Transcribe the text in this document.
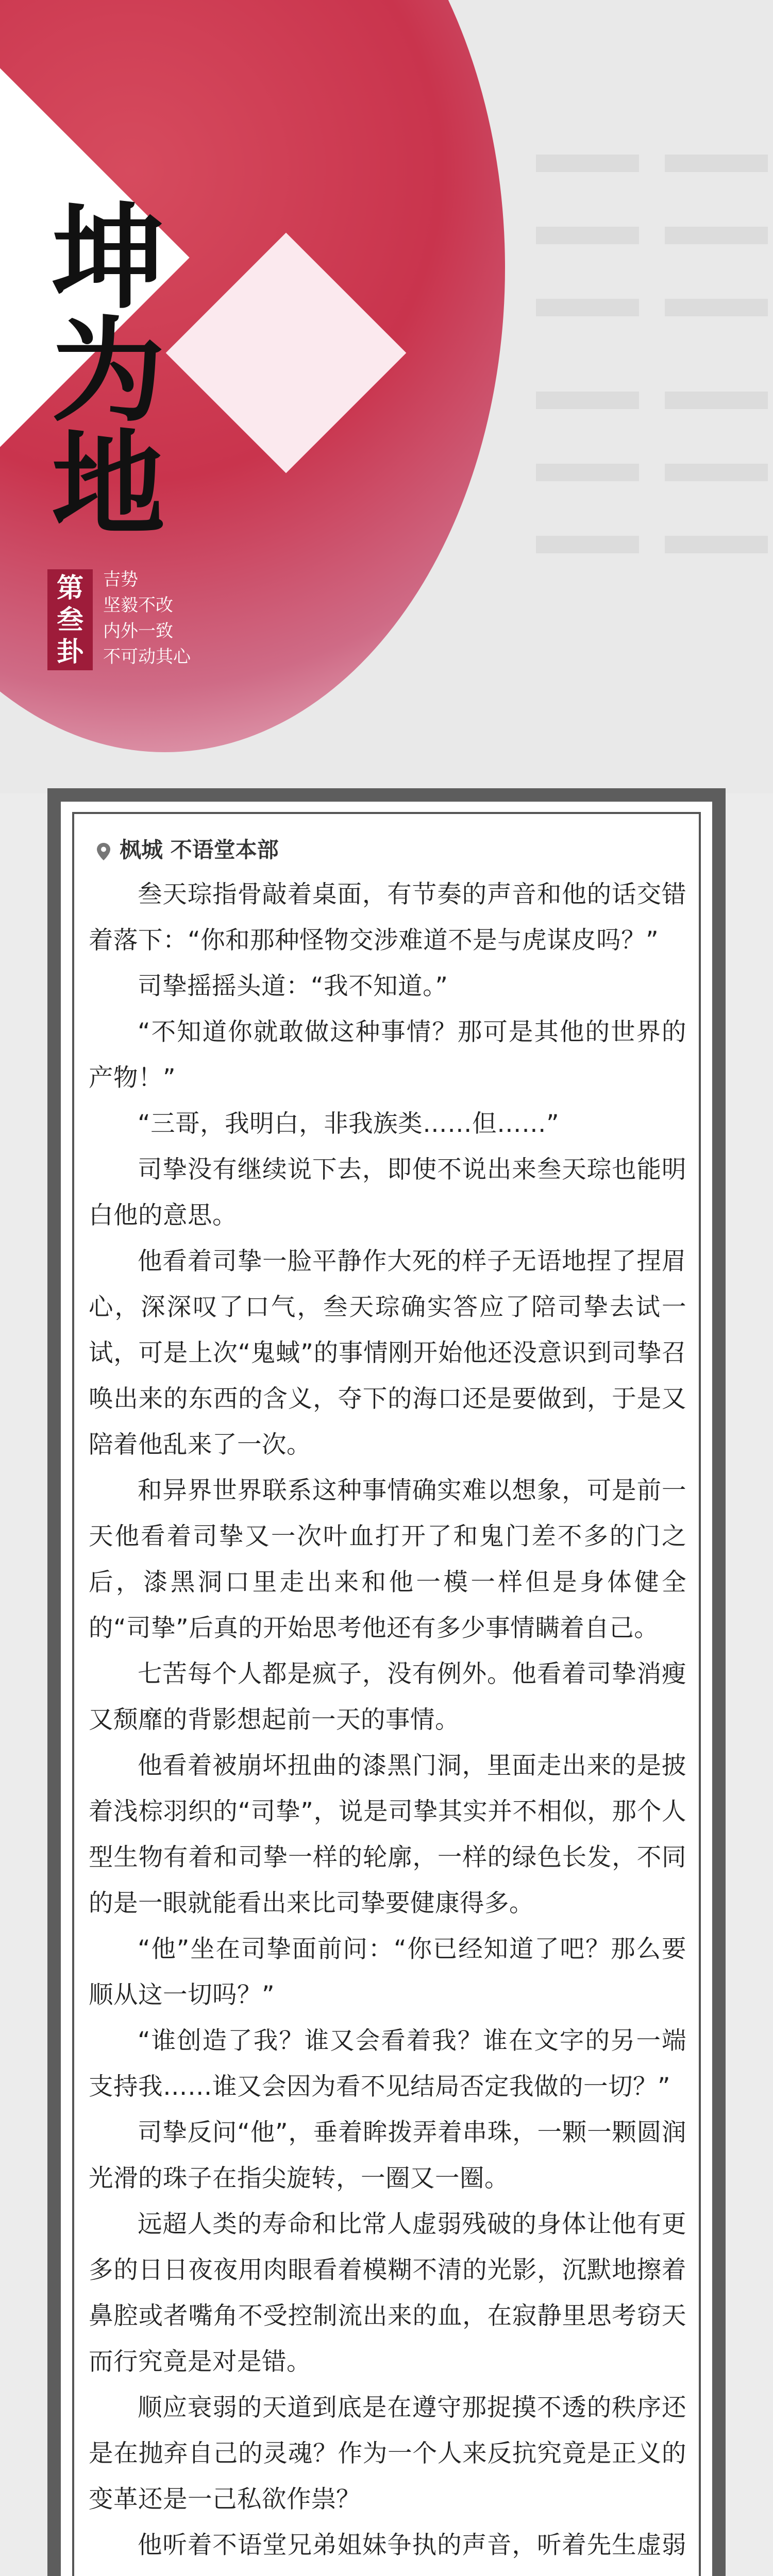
坤
为
地
第
叁
卦
吉势
坚毅不改
内外一致
不可动其心
枫城 不语堂本部

叁天琮指骨敲着桌面，有节奏的声音和他的话交错着落下：“你和那种怪物交涉难道不是与虎谋皮吗？”

司挚摇摇头道：“我不知道。”

“不知道你就敢做这种事情？那可是其他的世界的产物！”

“三哥，我明白，非我族类……但……”

司挚没有继续说下去，即使不说出来叁天琮也能明白他的意思。

他看着司挚一脸平静作大死的样子无语地捏了捏眉心，深深叹了口气，叁天琮确实答应了陪司挚去试一试，可是上次“鬼蜮”的事情刚开始他还没意识到司挚召唤出来的东西的含义，夺下的海口还是要做到，于是又陪着他乱来了一次。

和异界世界联系这种事情确实难以想象，可是前一天他看着司挚又一次叶血打开了和鬼门差不多的门之后，漆黑洞口里走出来和他一模一样但是身体健全的“司挚”后真的开始思考他还有多少事情瞒着自己。

七苦每个人都是疯子，没有例外。他看着司挚消瘦又颓靡的背影想起前一天的事情。

他看着被崩坏扭曲的漆黑门洞，里面走出来的是披着浅棕羽织的“司挚”，说是司挚其实并不相似，那个人型生物有着和司挚一样的轮廓，一样的绿色长发，不同的是一眼就能看出来比司挚要健康得多。

“他”坐在司挚面前问：“你已经知道了吧？那么要顺从这一切吗？”

“谁创造了我？谁又会看着我？谁在文字的另一端支持我……谁又会因为看不见结局否定我做的一切？”

司挚反问“他”，垂着眸拨弄着串珠，一颗一颗圆润光滑的珠子在指尖旋转，一圈又一圈。

远超人类的寿命和比常人虚弱残破的身体让他有更多的日日夜夜用肉眼看着模糊不清的光影，沉默地擦着鼻腔或者嘴角不受控制流出来的血，在寂静里思考窃天而行究竟是对是错。

顺应衰弱的天道到底是在遵守那捉摸不透的秩序还是在抛弃自己的灵魂？作为一个人来反抗究竟是正义的变革还是一己私欲作祟？

他听着不语堂兄弟姐妹争执的声音，听着先生虚弱
